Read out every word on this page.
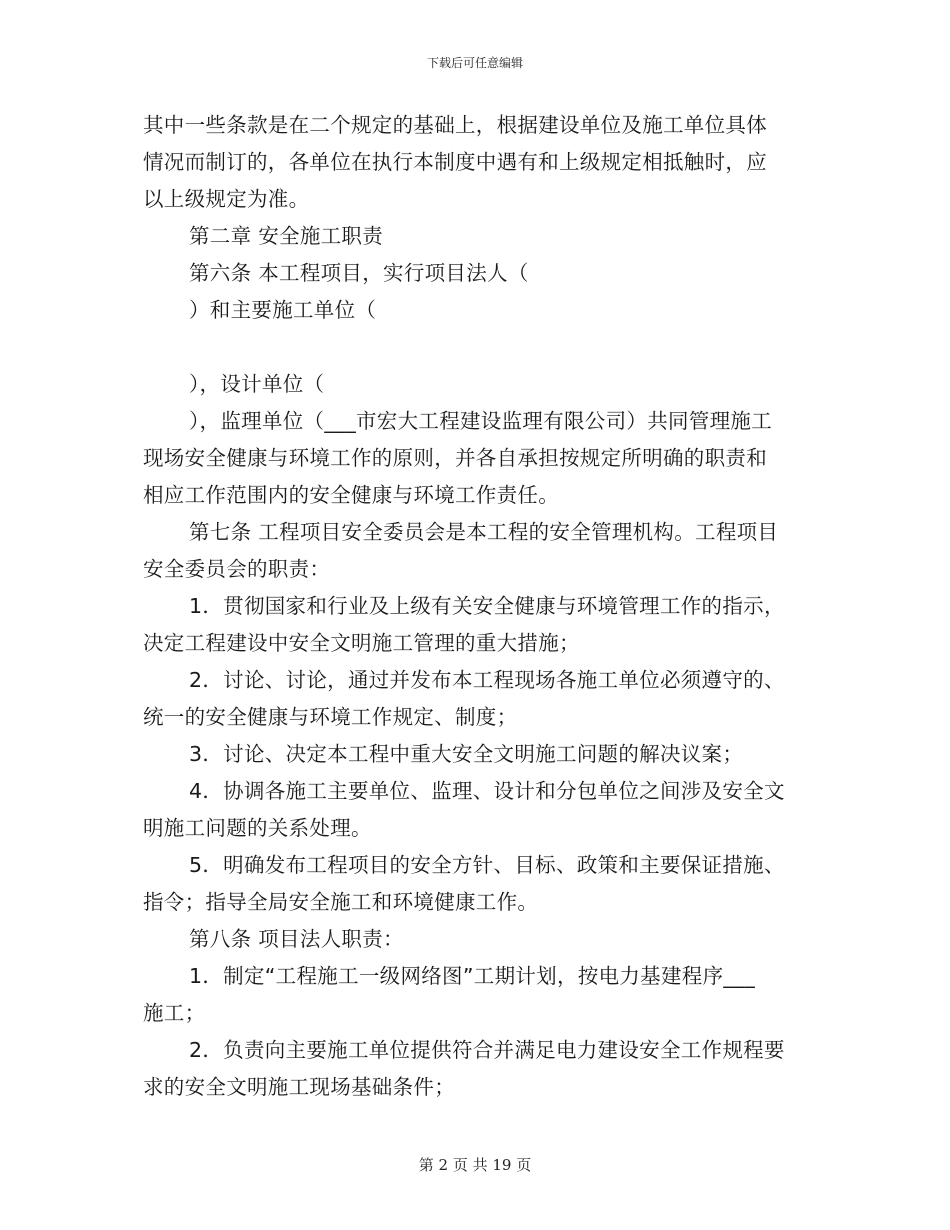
下载后可任意编辑
其中一些条款是在二个规定的基础上，根据建设单位及施工单位具体
情况而制订的，各单位在执行本制度中遇有和上级规定相抵触时，应
以上级规定为准。
第二章 安全施工职责
第六条 本工程项目，实行项目法人（
）和主要施工单位（
），设计单位（
），监理单位（___市宏大工程建设监理有限公司）共同管理施工
现场安全健康与环境工作的原则，并各自承担按规定所明确的职责和
相应工作范围内的安全健康与环境工作责任。
第七条 工程项目安全委员会是本工程的安全管理机构。工程项目
安全委员会的职责：
1．贯彻国家和行业及上级有关安全健康与环境管理工作的指示，
决定工程建设中安全文明施工管理的重大措施；
2．讨论、讨论，通过并发布本工程现场各施工单位必须遵守的、
统一的安全健康与环境工作规定、制度；
3．讨论、决定本工程中重大安全文明施工问题的解决议案；
4．协调各施工主要单位、监理、设计和分包单位之间涉及安全文
明施工问题的关系处理。
5．明确发布工程项目的安全方针、目标、政策和主要保证措施、
指令；指导全局安全施工和环境健康工作。
第八条 项目法人职责：
1．制定“工程施工一级网络图”工期计划，按电力基建程序___
施工；
2．负责向主要施工单位提供符合并满足电力建设安全工作规程要
求的安全文明施工现场基础条件；
第 2 页 共 19 页
